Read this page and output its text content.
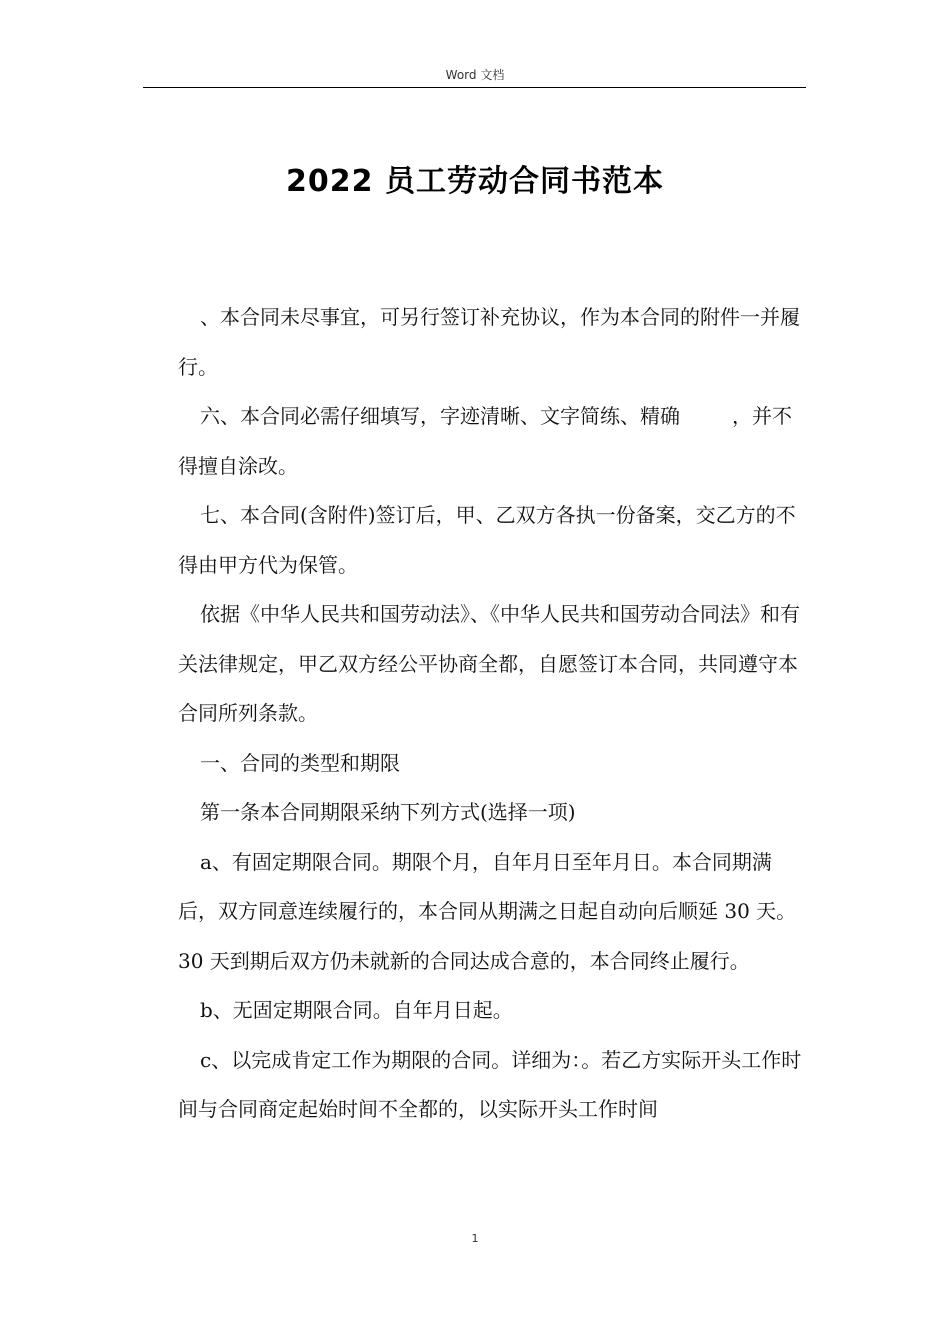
Word 文档
2022 员工劳动合同书范本

、本合同未尽事宜，可另行签订补充协议，作为本合同的附件一并履行。

六、本合同必需仔细填写，字迹清晰、文字简练、精确	，并不得擅自涂改。

七、本合同(含附件)签订后，甲、乙双方各执一份备案，交乙方的不得由甲方代为保管。

依据《中华人民共和国劳动法》、《中华人民共和国劳动合同法》和有关法律规定，甲乙双方经公平协商全都，自愿签订本合同，共同遵守本合同所列条款。

一、合同的类型和期限

第一条本合同期限采纳下列方式(选择一项)

a、有固定期限合同。期限个月，自年月日至年月日。本合同期满后，双方同意连续履行的，本合同从期满之日起自动向后顺延 30 天。30 天到期后双方仍未就新的合同达成合意的，本合同终止履行。

b、无固定期限合同。自年月日起。

c、以完成肯定工作为期限的合同。详细为：。若乙方实际开头工作时间与合同商定起始时间不全都的，以实际开头工作时间

1
